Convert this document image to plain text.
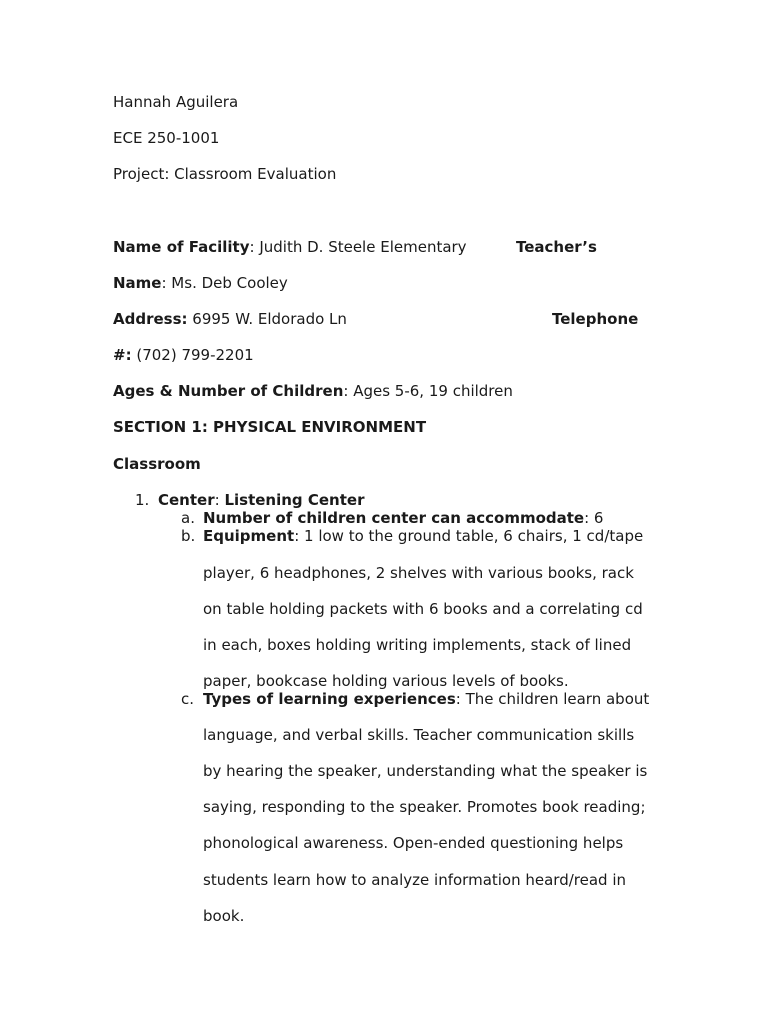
Hannah Aguilera
ECE 250-1001
Project: Classroom Evaluation
Name of Facility: Judith D. Steele Elementary	Teacher’s
Name: Ms. Deb Cooley
Address: 6995 W. Eldorado Ln	Telephone
#: (702) 799-2201
Ages & Number of Children: Ages 5-6, 19 children
SECTION 1: PHYSICAL ENVIRONMENT
Classroom
1. Center: Listening Center
a. Number of children center can accommodate: 6
b. Equipment: 1 low to the ground table, 6 chairs, 1 cd/tape
player, 6 headphones, 2 shelves with various books, rack
on table holding packets with 6 books and a correlating cd
in each, boxes holding writing implements, stack of lined
paper, bookcase holding various levels of books.
c. Types of learning experiences: The children learn about
language, and verbal skills. Teacher communication skills
by hearing the speaker, understanding what the speaker is
saying, responding to the speaker. Promotes book reading;
phonological awareness. Open-ended questioning helps
students learn how to analyze information heard/read in
book.
